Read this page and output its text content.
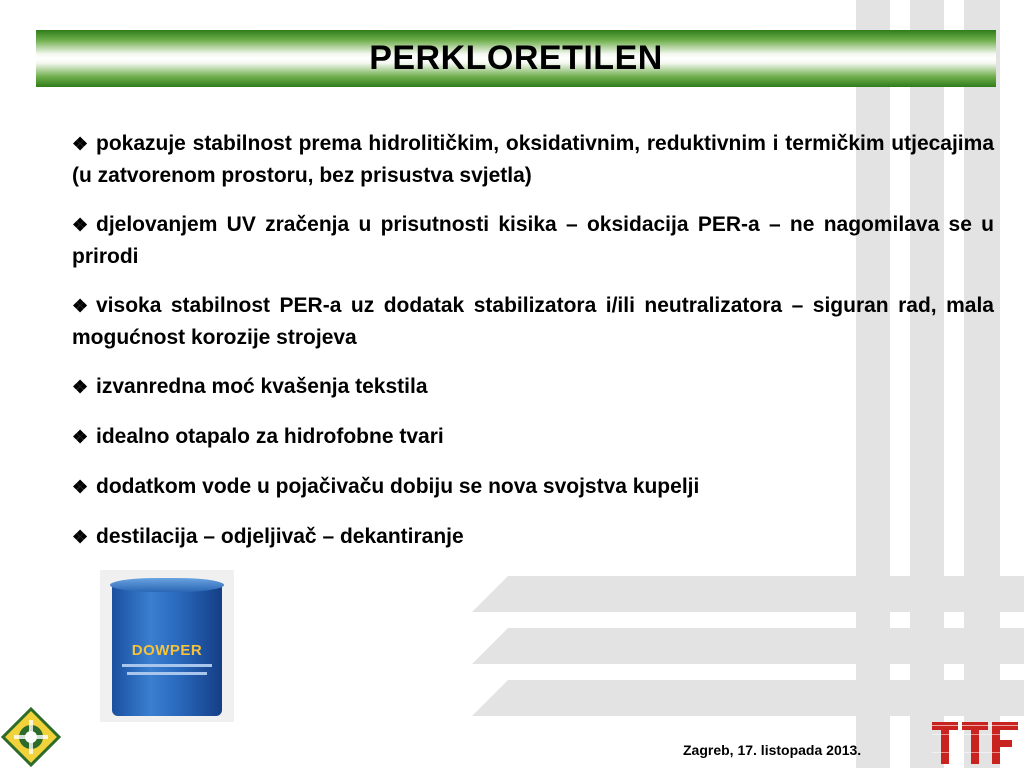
PERKLORETILEN

❖ pokazuje stabilnost prema hidrolitičkim, oksidativnim, reduktivnim i termičkim utjecajima (u zatvorenom prostoru, bez prisustva svjetla)

❖ djelovanjem UV zračenja u prisutnosti kisika – oksidacija PER-a – ne nagomilava se u prirodi

❖ visoka stabilnost PER-a uz dodatak stabilizatora i/ili neutralizatora – siguran rad, mala mogućnost korozije strojeva

❖ izvanredna moć kvašenja tekstila

❖ idealno otapalo za hidrofobne tvari

❖ dodatkom vode u pojačivaču dobiju se nova svojstva kupelji

❖ destilacija – odjeljivač – dekantiranje

DOWPER
Zagreb, 17. listopada 2013.
